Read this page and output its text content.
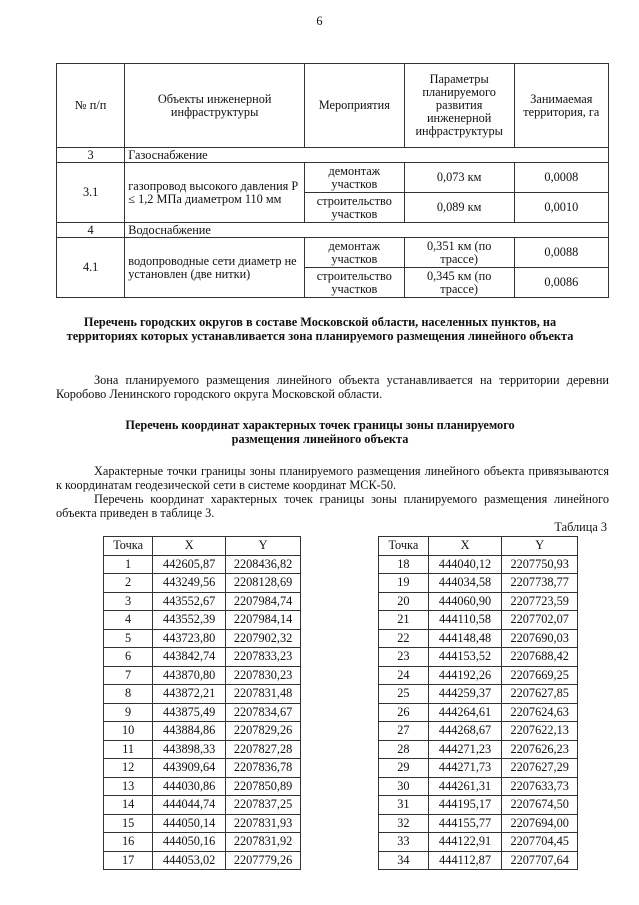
6
№ п/п	Объекты инженерной инфраструктуры	Мероприятия	Параметры планируемого развития инженерной инфраструктуры	Занимаемая территория, га
3	Газоснабжение			
3.1	газопровод высокого давления P ≤ 1,2 МПа диаметром 110 мм	демонтаж участков	0,073 км	0,0008
		строительство участков	0,089 км	0,0010
4	Водоснабжение			
4.1	водопроводные сети диаметр не установлен (две нитки)	демонтаж участков	0,351 км (по трассе)	0,0088
		строительство участков	0,345 км (по трассе)	0,0086
Перечень городских округов в составе Московской области, населенных пунктов, на территориях которых устанавливается зона планируемого размещения линейного объекта
Зона планируемого размещения линейного объекта устанавливается на территории деревни Коробово Ленинского городского округа Московской области.
Перечень координат характерных точек границы зоны планируемого размещения линейного объекта
Характерные точки границы зоны планируемого размещения линейного объекта привязываются к координатам геодезической сети в системе координат МСК-50.
Перечень координат характерных точек границы зоны планируемого размещения линейного объекта приведен в таблице 3.
Таблица 3
Точка	X	Y
1	442605,87	2208436,82
2	443249,56	2208128,69
3	443552,67	2207984,74
4	443552,39	2207984,14
5	443723,80	2207902,32
6	443842,74	2207833,23
7	443870,80	2207830,23
8	443872,21	2207831,48
9	443875,49	2207834,67
10	443884,86	2207829,26
11	443898,33	2207827,28
12	443909,64	2207836,78
13	444030,86	2207850,89
14	444044,74	2207837,25
15	444050,14	2207831,93
16	444050,16	2207831,92
17	444053,02	2207779,26
Точка	X	Y
18	444040,12	2207750,93
19	444034,58	2207738,77
20	444060,90	2207723,59
21	444110,58	2207702,07
22	444148,48	2207690,03
23	444153,52	2207688,42
24	444192,26	2207669,25
25	444259,37	2207627,85
26	444264,61	2207624,63
27	444268,67	2207622,13
28	444271,23	2207626,23
29	444271,73	2207627,29
30	444261,31	2207633,73
31	444195,17	2207674,50
32	444155,77	2207694,00
33	444122,91	2207704,45
34	444112,87	2207707,64
